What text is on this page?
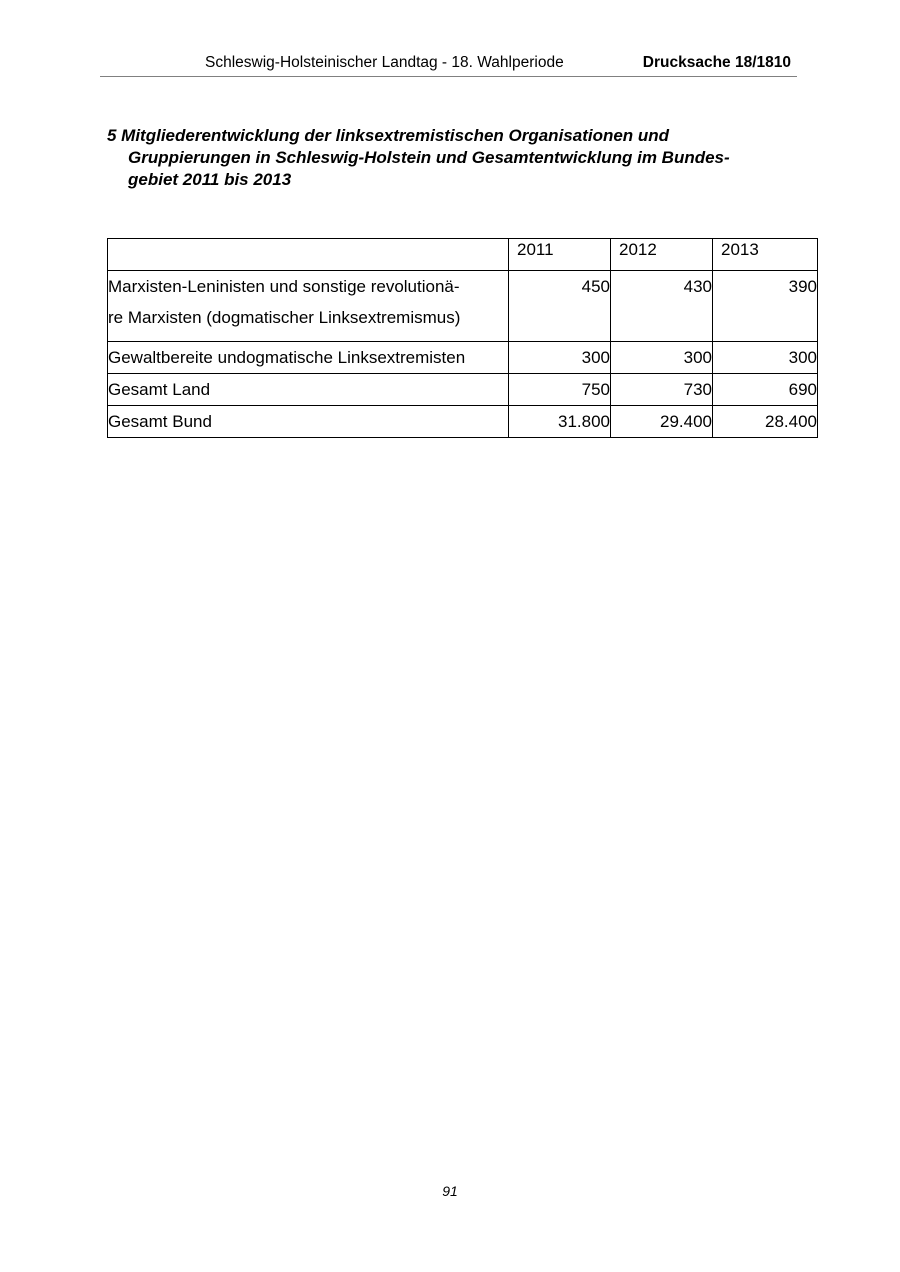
Schleswig-Holsteinischer Landtag - 18. Wahlperiode	Drucksache 18/1810
5 Mitgliederentwicklung der linksextremistischen Organisationen und
Gruppierungen in Schleswig-Holstein und Gesamtentwicklung im Bundes-
gebiet 2011 bis 2013
	2011	2012	2013
Marxisten-Leninisten und sonstige revolutionä-
re Marxisten (dogmatischer Linksextremismus)	450	430	390
Gewaltbereite undogmatische Linksextremisten	300	300	300
Gesamt Land	750	730	690
Gesamt Bund	31.800	29.400	28.400
91
